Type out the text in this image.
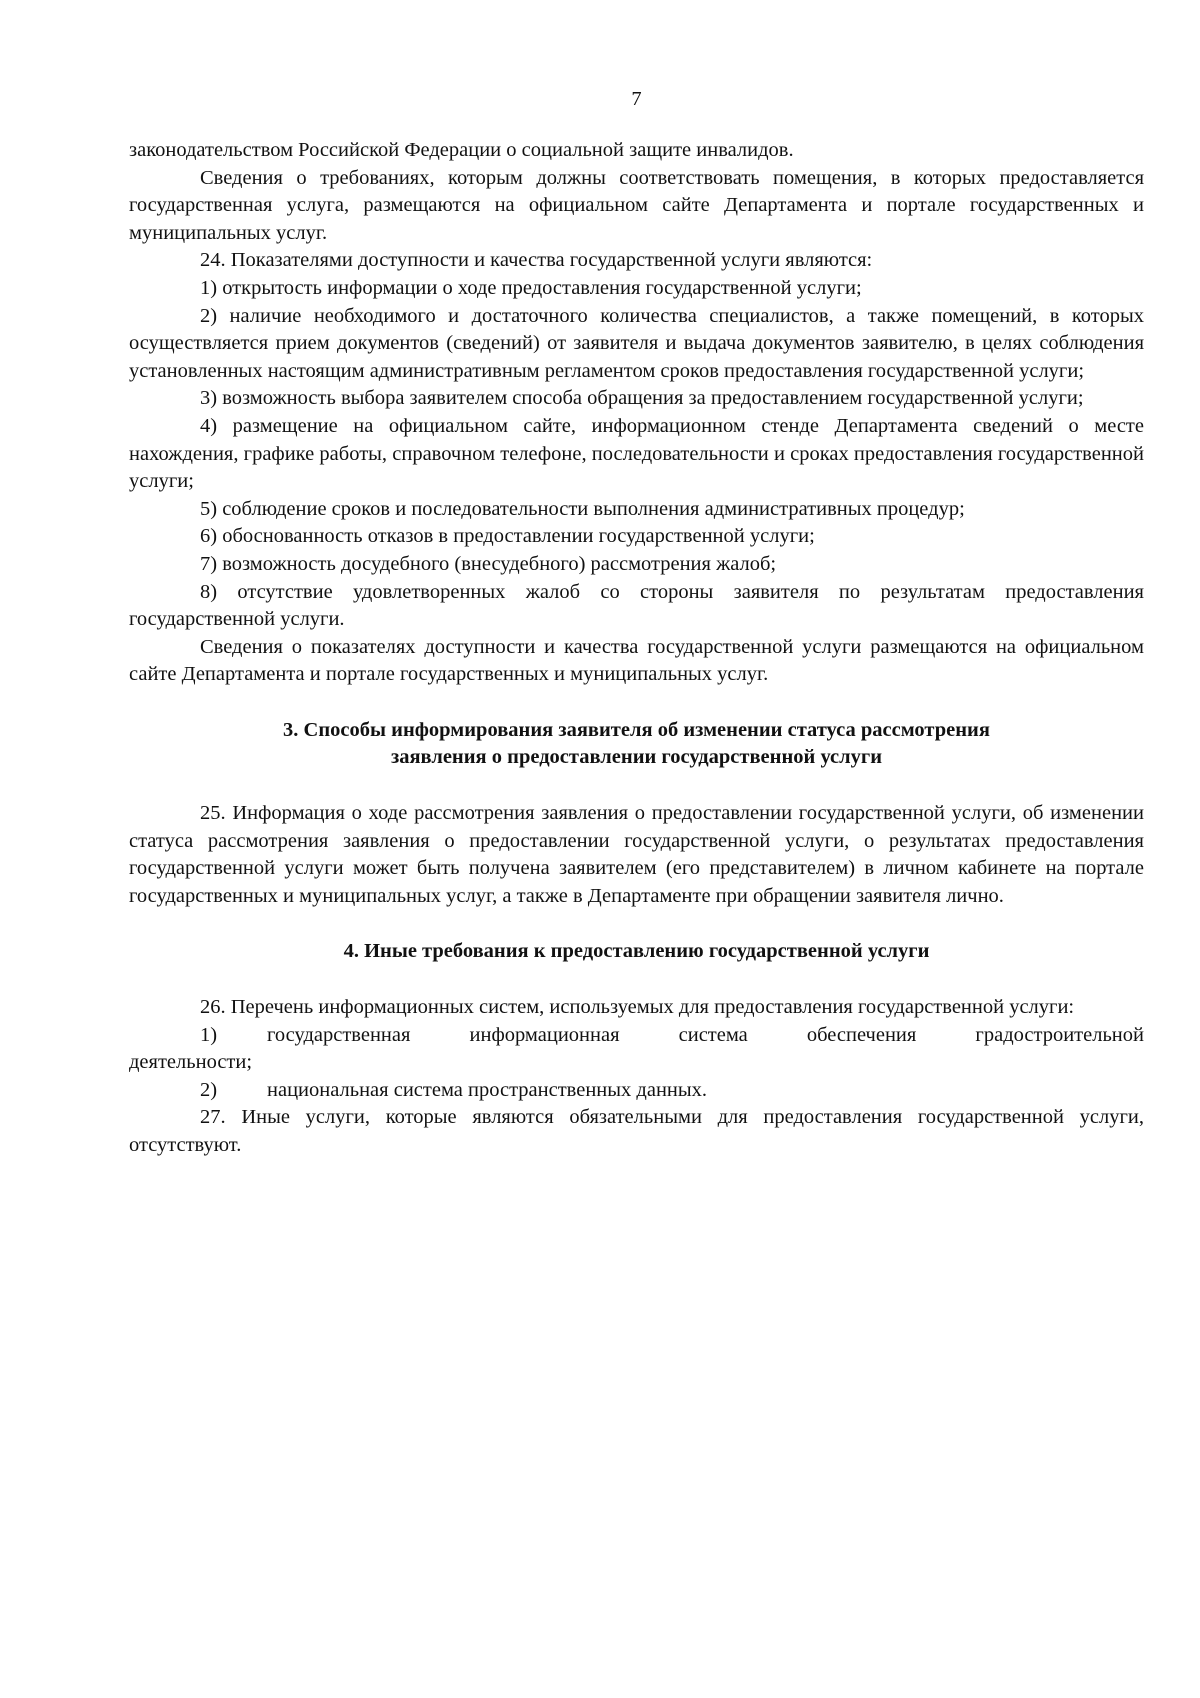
7

законодательством Российской Федерации о социальной защите инвалидов.

Сведения о требованиях, которым должны соответствовать помещения, в которых предоставляется государственная услуга, размещаются на официальном сайте Департамента и портале государственных и муниципальных услуг.

24. Показателями доступности и качества государственной услуги являются:

1) открытость информации о ходе предоставления государственной услуги;

2) наличие необходимого и достаточного количества специалистов, а также помещений, в которых осуществляется прием документов (сведений) от заявителя и выдача документов заявителю, в целях соблюдения установленных настоящим административным регламентом сроков предоставления государственной услуги;

3) возможность выбора заявителем способа обращения за предоставлением государственной услуги;

4) размещение на официальном сайте, информационном стенде Департамента сведений о месте нахождения, графике работы, справочном телефоне, последовательности и сроках предоставления государственной услуги;

5) соблюдение сроков и последовательности выполнения административных процедур;

6) обоснованность отказов в предоставлении государственной услуги;

7) возможность досудебного (внесудебного) рассмотрения жалоб;

8) отсутствие удовлетворенных жалоб со стороны заявителя по результатам предоставления государственной услуги.

Сведения о показателях доступности и качества государственной услуги размещаются на официальном сайте Департамента и портале государственных и муниципальных услуг.

3. Способы информирования заявителя об изменении статуса рассмотрения
заявления о предоставлении государственной услуги

25. Информация о ходе рассмотрения заявления о предоставлении государственной услуги, об изменении статуса рассмотрения заявления о предоставлении государственной услуги, о результатах предоставления государственной услуги может быть получена заявителем (его представителем) в личном кабинете на портале государственных и муниципальных услуг, а также в Департаменте при обращении заявителя лично.

4. Иные требования к предоставлению государственной услуги

26. Перечень информационных систем, используемых для предоставления государственной услуги:

1)	государственная информационная система обеспечения градостроительной

деятельности;

2)	национальная система пространственных данных.

27. Иные услуги, которые являются обязательными для предоставления государственной услуги, отсутствуют.
